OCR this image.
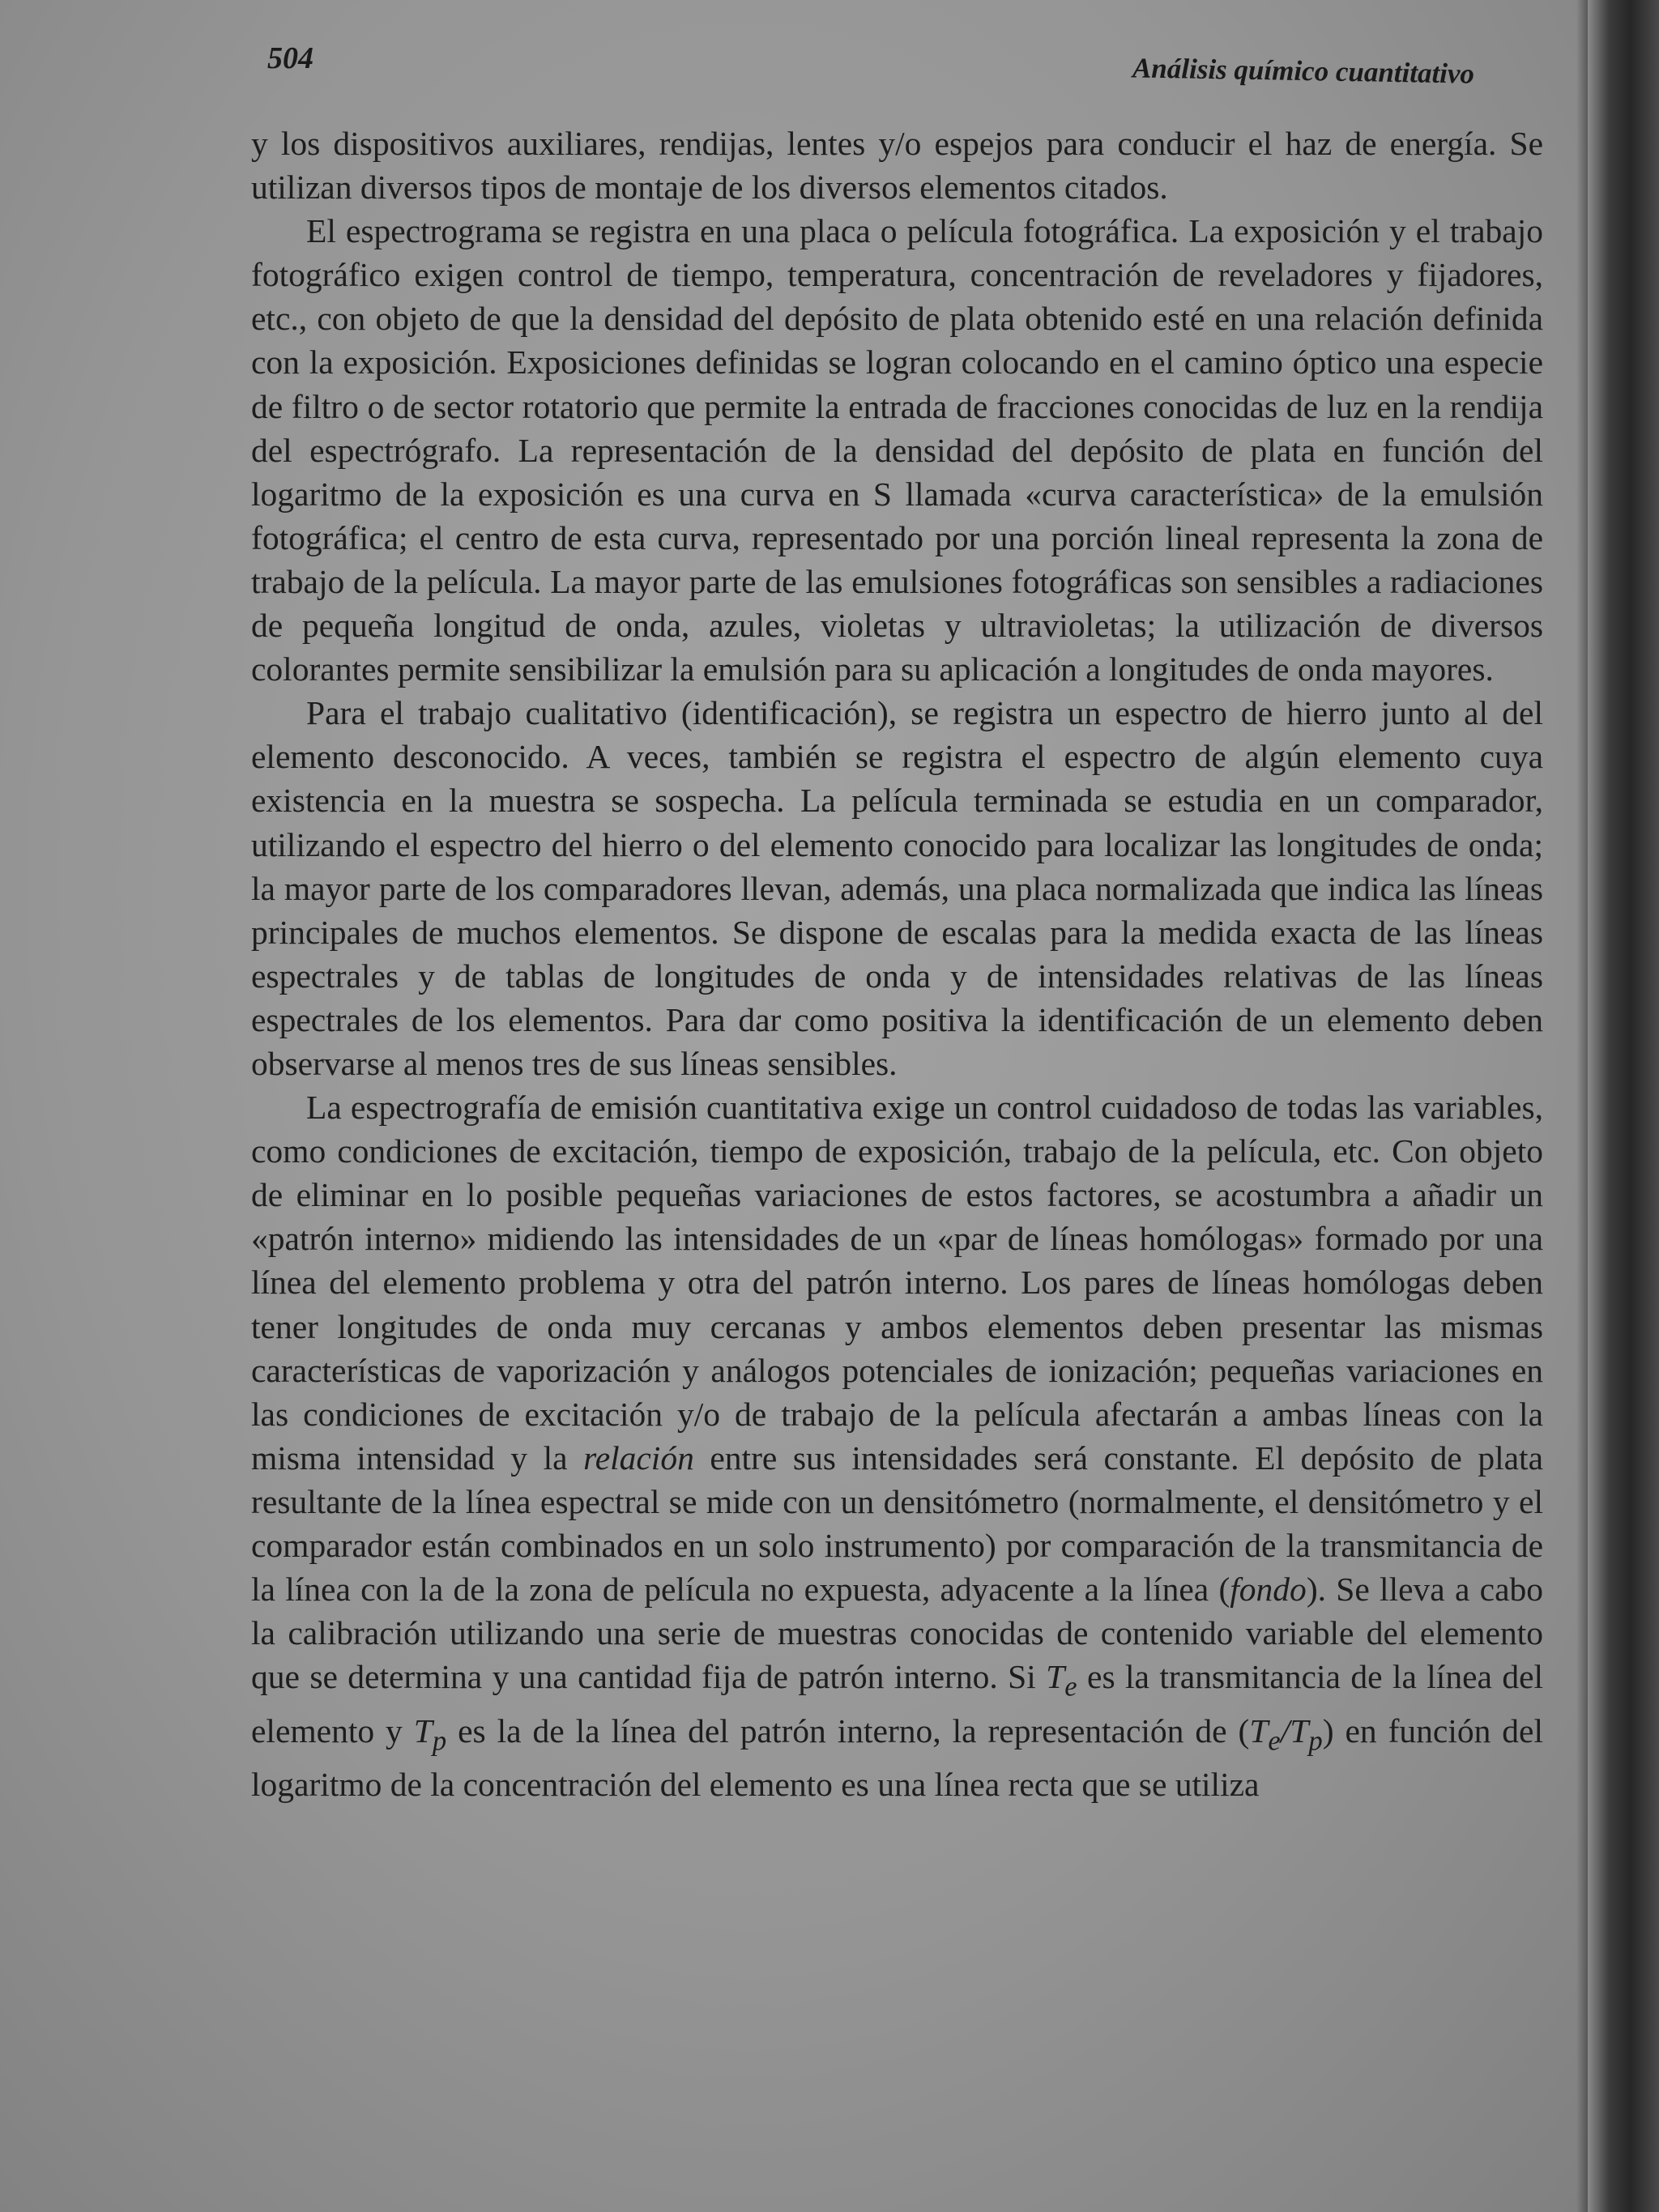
504	Análisis químico cuantitativo

y los dispositivos auxiliares, rendijas, lentes y/o espejos para conducir el haz de energía. Se utilizan diversos tipos de montaje de los diversos elementos citados.

El espectrograma se registra en una placa o película fotográfica. La exposición y el trabajo fotográfico exigen control de tiempo, temperatura, concentración de reveladores y fijadores, etc., con objeto de que la densidad del depósito de plata obtenido esté en una relación definida con la exposición. Exposiciones definidas se logran colocando en el camino óptico una especie de filtro o de sector rotatorio que permite la entrada de fracciones conocidas de luz en la rendija del espectrógrafo. La representación de la densidad del depósito de plata en función del logaritmo de la exposición es una curva en S llamada «curva característica» de la emulsión fotográfica; el centro de esta curva, representado por una porción lineal representa la zona de trabajo de la película. La mayor parte de las emulsiones fotográficas son sensibles a radiaciones de pequeña longitud de onda, azules, violetas y ultravioletas; la utilización de diversos colorantes permite sensibilizar la emulsión para su aplicación a longitudes de onda mayores.

Para el trabajo cualitativo (identificación), se registra un espectro de hierro junto al del elemento desconocido. A veces, también se registra el espectro de algún elemento cuya existencia en la muestra se sospecha. La película terminada se estudia en un comparador, utilizando el espectro del hierro o del elemento conocido para localizar las longitudes de onda; la mayor parte de los comparadores llevan, además, una placa normalizada que indica las líneas principales de muchos elementos. Se dispone de escalas para la medida exacta de las líneas espectrales y de tablas de longitudes de onda y de intensidades relativas de las líneas espectrales de los elementos. Para dar como positiva la identificación de un elemento deben observarse al menos tres de sus líneas sensibles.

La espectrografía de emisión cuantitativa exige un control cuidadoso de todas las variables, como condiciones de excitación, tiempo de exposición, trabajo de la película, etc. Con objeto de eliminar en lo posible pequeñas variaciones de estos factores, se acostumbra a añadir un «patrón interno» midiendo las intensidades de un «par de líneas homólogas» formado por una línea del elemento problema y otra del patrón interno. Los pares de líneas homólogas deben tener longitudes de onda muy cercanas y ambos elementos deben presentar las mismas características de vaporización y análogos potenciales de ionización; pequeñas variaciones en las condiciones de excitación y/o de trabajo de la película afectarán a ambas líneas con la misma intensidad y la relación entre sus intensidades será constante. El depósito de plata resultante de la línea espectral se mide con un densitómetro (normalmente, el densitómetro y el comparador están combinados en un solo instrumento) por comparación de la transmitancia de la línea con la de la zona de película no expuesta, adyacente a la línea (fondo). Se lleva a cabo la calibración utilizando una serie de muestras conocidas de contenido variable del elemento que se determina y una cantidad fija de patrón interno. Si $T_e$ es la transmitancia de la línea del elemento y $T_p$ es la de la línea del patrón interno, la representación de $(T_e/T_p)$ en función del logaritmo de la concentración del elemento es una línea recta que se utiliza
